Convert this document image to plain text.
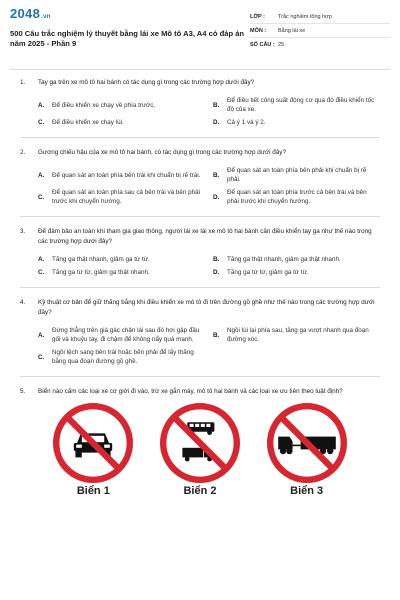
2048.vn
500 Câu trắc nghiệm lý thuyết bằng lái xe Mô tô A3, A4 có đáp án năm 2025 - Phần 9
LỚP :	Trắc nghiệm tổng hợp
MÔN :	Bằng lái xe
SỐ CÂU : 25
1.	Tay ga trên xe mô tô hai bánh có tác dụng gì trong các trường hợp dưới đây?
A.	Để điều khiển xe chạy về phía trước.	B.
Để điều tiết công suất động cơ qua đó điều khiển tốc độ của xe.
C.	Để điều khiển xe chạy lùi.	D.	Cả ý 1 và ý 2.
2.	Gương chiếu hậu của xe mô tô hai bánh, có tác dụng gì trong các trường hợp dưới đây?
A.	Để quan sát an toàn phía bên trái khi chuẩn bị rẽ trái.	B.
Để quan sát an toàn phía bên phải khi chuẩn bị rẽ phải.
C.
Để quan sát an toàn phía sau cả bên trái và bên phải trước khi chuyển hướng.
D.
Để quan sát an toàn phía trước cả bên trái và bên phải trước khi chuyển hướng.
3.	Để đảm bảo an toàn khi tham gia giao thông, người lái xe lái xe mô tô hai bánh cần điều khiển tay ga như thế nào trong các trường hợp dưới đây?
A.	Tăng ga thật nhanh, giảm ga từ từ.	B.	Tăng ga thật nhanh, giảm ga thật nhanh.
C.	Tăng ga từ từ, giảm ga thật nhanh.	D.	Tăng ga từ từ, giảm ga từ từ.
4.	Kỹ thuật cơ bản để giữ thăng bằng khi điều khiển xe mô tô đi trên đường gồ ghề như thế nào trong các trường hợp dưới đây?
A.
Đứng thẳng trên giá gác chân lái sau đó hơi gập đầu gối và khuỷu tay, đi chậm để không nẩy quá mạnh.
B.
Ngồi lùi lại phía sau, tăng ga vượt nhanh qua đoạn đường xóc.
C.
Ngồi lệch sang bên trái hoặc bên phải để lấy thăng bằng qua đoạn đường gồ ghề.
5.	Biển nào cấm các loại xe cơ giới đi vào, trừ xe gắn máy, mô tô hai bánh và các loại xe ưu tiên theo luật định?
Biển 1	Biển 2	Biển 3
